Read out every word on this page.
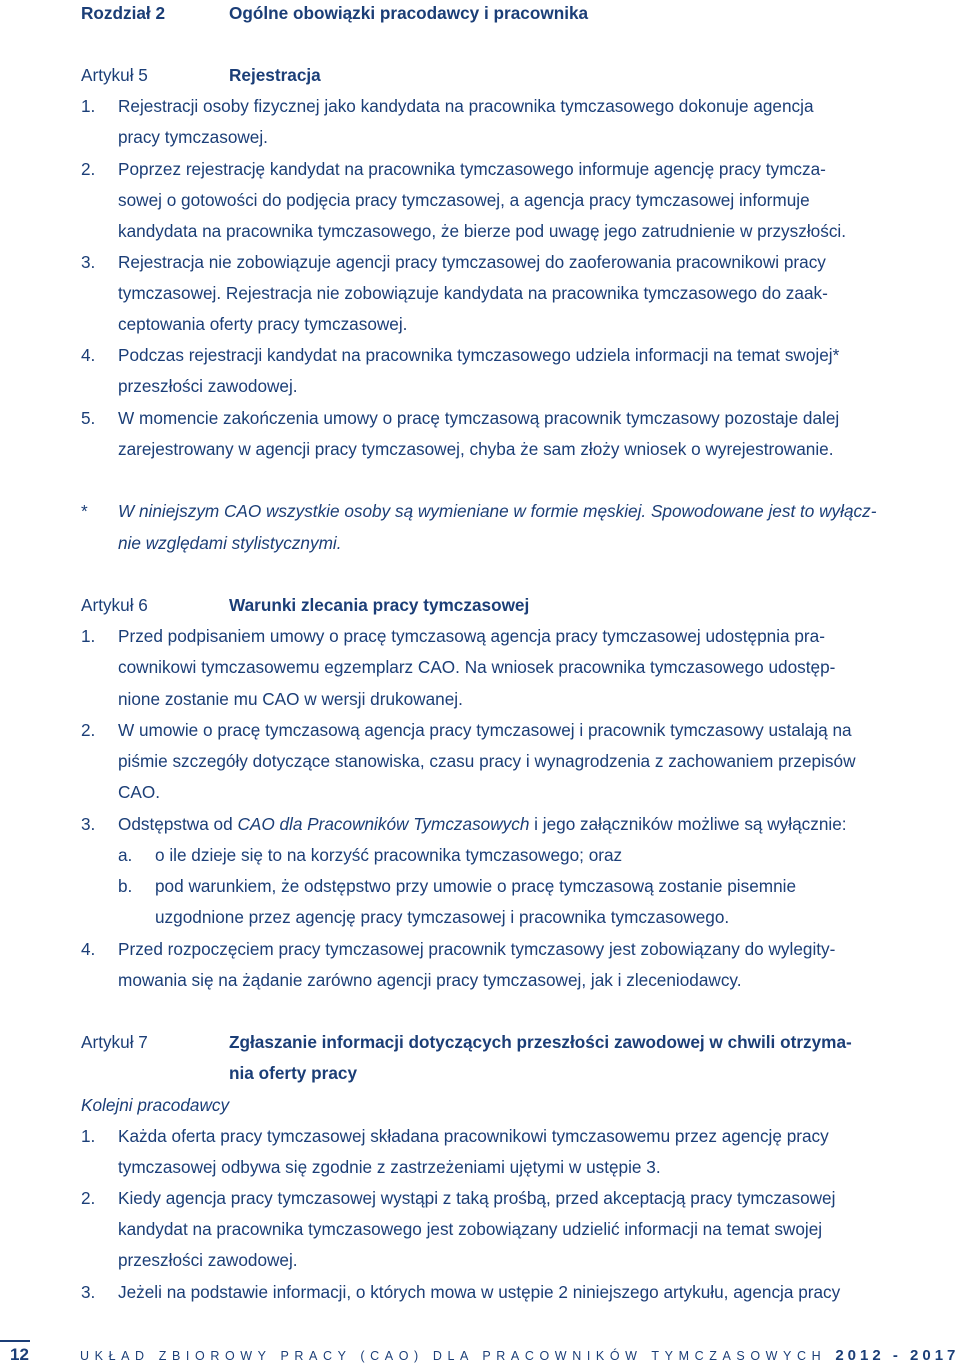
Rozdział 2	Ogólne obowiązki pracodawcy i pracownika
Artykuł 5	Rejestracja
1. Rejestracji osoby fizycznej jako kandydata na pracownika tymczasowego dokonuje agencja
pracy tymczasowej.
2. Poprzez rejestrację kandydat na pracownika tymczasowego informuje agencję pracy tymcza-
sowej o gotowości do podjęcia pracy tymczasowej, a agencja pracy tymczasowej informuje
kandydata na pracownika tymczasowego, że bierze pod uwagę jego zatrudnienie w przyszłości.
3. Rejestracja nie zobowiązuje agencji pracy tymczasowej do zaoferowania pracownikowi pracy
tymczasowej. Rejestracja nie zobowiązuje kandydata na pracownika tymczasowego do zaak-
ceptowania oferty pracy tymczasowej.
4. Podczas rejestracji kandydat na pracownika tymczasowego udziela informacji na temat swojej*
przeszłości zawodowej.
5. W momencie zakończenia umowy o pracę tymczasową pracownik tymczasowy pozostaje dalej
zarejestrowany w agencji pracy tymczasowej, chyba że sam złoży wniosek o wyrejestrowanie.
* W niniejszym CAO wszystkie osoby są wymieniane w formie męskiej. Spowodowane jest to wyłącz-
nie względami stylistycznymi.
Artykuł 6	Warunki zlecania pracy tymczasowej
1. Przed podpisaniem umowy o pracę tymczasową agencja pracy tymczasowej udostępnia pra-
cownikowi tymczasowemu egzemplarz CAO. Na wniosek pracownika tymczasowego udostęp-
nione zostanie mu CAO w wersji drukowanej.
2. W umowie o pracę tymczasową agencja pracy tymczasowej i pracownik tymczasowy ustalają na
piśmie szczegóły dotyczące stanowiska, czasu pracy i wynagrodzenia z zachowaniem przepisów
CAO.
3. Odstępstwa od CAO dla Pracowników Tymczasowych i jego załączników możliwe są wyłącznie:
a. o ile dzieje się to na korzyść pracownika tymczasowego; oraz
b. pod warunkiem, że odstępstwo przy umowie o pracę tymczasową zostanie pisemnie
uzgodnione przez agencję pracy tymczasowej i pracownika tymczasowego.
4. Przed rozpoczęciem pracy tymczasowej pracownik tymczasowy jest zobowiązany do wylegity-
mowania się na żądanie zarówno agencji pracy tymczasowej, jak i zleceniodawcy.
Artykuł 7	Zgłaszanie informacji dotyczących przeszłości zawodowej w chwili otrzyma-
nia oferty pracy
Kolejni pracodawcy
1. Każda oferta pracy tymczasowej składana pracownikowi tymczasowemu przez agencję pracy
tymczasowej odbywa się zgodnie z zastrzeżeniami ujętymi w ustępie 3.
2. Kiedy agencja pracy tymczasowej wystąpi z taką prośbą, przed akceptacją pracy tymczasowej
kandydat na pracownika tymczasowego jest zobowiązany udzielić informacji na temat swojej
przeszłości zawodowej.
3. Jeżeli na podstawie informacji, o których mowa w ustępie 2 niniejszego artykułu, agencja pracy
12	UKŁAD ZBIOROWY PRACY (CAO) DLA PRACOWNIKÓW TYMCZASOWYCH 2012 - 2017
